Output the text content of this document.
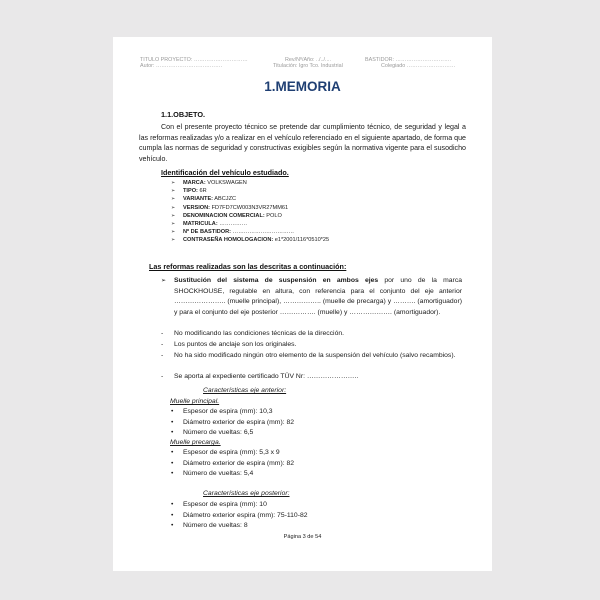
TITULO PROYECTO: …………………………
Autor: ……………………………….
Rev/Nº/Año: ../../....
Titulación: Igro Tco. Industrial
BASTIDOR: ………………………….
Colegiado ………………………
1.MEMORIA
1.1.OBJETO.
Con el presente proyecto técnico se pretende dar cumplimiento técnico, de seguridad y legal a las reformas realizadas y/o a realizar en el vehículo referenciado en el siguiente apartado, de forma que cumpla las normas de seguridad y constructivas exigibles según la normativa vigente para el susodicho vehículo.
Identificación del vehículo estudiado.
➢ MARCA: VOLKSWAGEN
➢ TIPO: 6R
➢ VARIANTE: ABCJZC
➢ VERSION: FD7FD7CW003N3VR27MM61
➢ DENOMINACION COMERCIAL: POLO
➢ MATRICULA: ……………
➢ Nº DE BASTIDOR: ……………………………
➢ CONTRASEÑA HOMOLOGACION: e1*2001/116*0510*25
Las reformas realizadas son las descritas a continuación:
➢ Sustitución del sistema de suspensión en ambos ejes por uno de la marca SHOCKHOUSE, regulable en altura, con referencia para el conjunto del eje anterior ………………….. (muelle principal), …………….. (muelle de precarga) y ………. (amortiguador) y para el conjunto del eje posterior ……………. (muelle) y ………………. (amortiguador).
- No modificando las condiciones técnicas de la dirección.
- Los puntos de anclaje son los originales.
- No ha sido modificado ningún otro elemento de la suspensión del vehículo (salvo recambios).
- Se aporta al expediente certificado TÜV Nr: …………………..
Características eje anterior:
Muelle principal.
• Espesor de espira (mm): 10,3
• Diámetro exterior de espira (mm): 82
• Número de vueltas: 6,5
Muelle precarga.
• Espesor de espira (mm): 5,3 x 9
• Diámetro exterior de espira (mm): 82
• Número de vueltas: 5,4
Características eje posterior:
• Espesor de espira (mm): 10
• Diámetro exterior espira (mm): 75-110-82
• Número de vueltas: 8
Página 3 de 54
